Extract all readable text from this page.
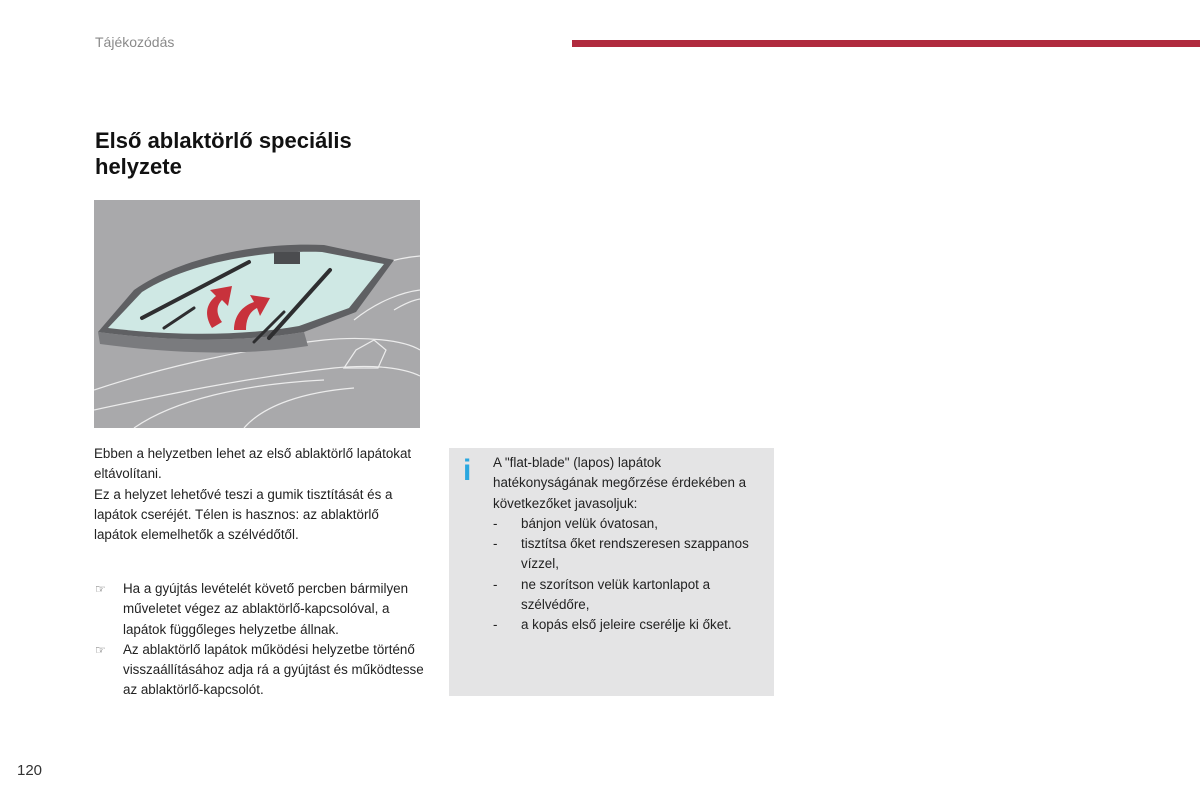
Tájékozódás
Első ablaktörlő speciális helyzete

Ebben a helyzetben lehet az első ablaktörlő lapátokat eltávolítani.

Ez a helyzet lehetővé teszi a gumik tisztítását és a lapátok cseréjét. Télen is hasznos: az ablaktörlő lapátok elemelhetők a szélvédőtől.

☞ Ha a gyújtás levételét követő percben bármilyen műveletet végez az ablaktörlő-kapcsolóval, a lapátok függőleges helyzetbe állnak.
☞ Az ablaktörlő lapátok működési helyzetbe történő visszaállításához adja rá a gyújtást és működtesse az ablaktörlő-kapcsolót.
i A "flat-blade" (lapos) lapátok hatékonyságának megőrzése érdekében a következőket javasoljuk:

- bánjon velük óvatosan,
- tisztítsa őket rendszeresen szappanos vízzel,
- ne szorítson velük kartonlapot a szélvédőre,
- a kopás első jeleire cserélje ki őket.
120
